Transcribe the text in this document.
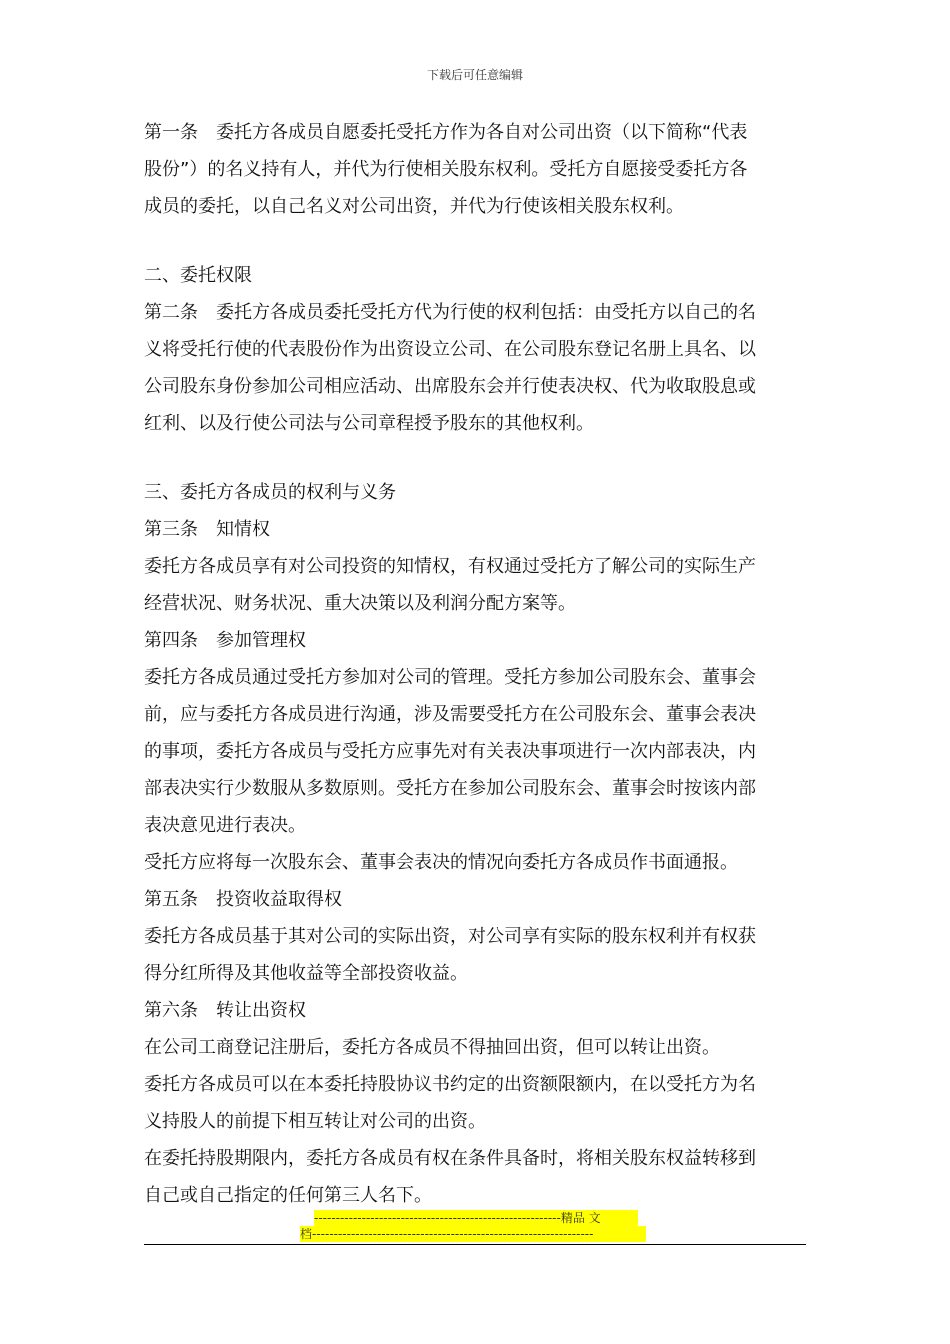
下载后可任意编辑
第一条　委托方各成员自愿委托受托方作为各自对公司出资（以下简称“代表
股份”）的名义持有人，并代为行使相关股东权利。受托方自愿接受委托方各
成员的委托，以自己名义对公司出资，并代为行使该相关股东权利。
二、委托权限
第二条　委托方各成员委托受托方代为行使的权利包括：由受托方以自己的名
义将受托行使的代表股份作为出资设立公司、在公司股东登记名册上具名、以
公司股东身份参加公司相应活动、出席股东会并行使表决权、代为收取股息或
红利、以及行使公司法与公司章程授予股东的其他权利。
三、委托方各成员的权利与义务
第三条　知情权
委托方各成员享有对公司投资的知情权，有权通过受托方了解公司的实际生产
经营状况、财务状况、重大决策以及利润分配方案等。
第四条　参加管理权
委托方各成员通过受托方参加对公司的管理。受托方参加公司股东会、董事会
前，应与委托方各成员进行沟通，涉及需要受托方在公司股东会、董事会表决
的事项，委托方各成员与受托方应事先对有关表决事项进行一次内部表决，内
部表决实行少数服从多数原则。受托方在参加公司股东会、董事会时按该内部
表决意见进行表决。
受托方应将每一次股东会、董事会表决的情况向委托方各成员作书面通报。
第五条　投资收益取得权
委托方各成员基于其对公司的实际出资，对公司享有实际的股东权利并有权获
得分红所得及其他收益等全部投资收益。
第六条　转让出资权
在公司工商登记注册后，委托方各成员不得抽回出资，但可以转让出资。
委托方各成员可以在本委托持股协议书约定的出资额限额内，在以受托方为名
义持股人的前提下相互转让对公司的出资。
在委托持股期限内，委托方各成员有权在条件具备时，将相关股东权益转移到
自己或自己指定的任何第三人名下。
---------------------------------------------------------精品 文
档-----------------------------------------------------------------
